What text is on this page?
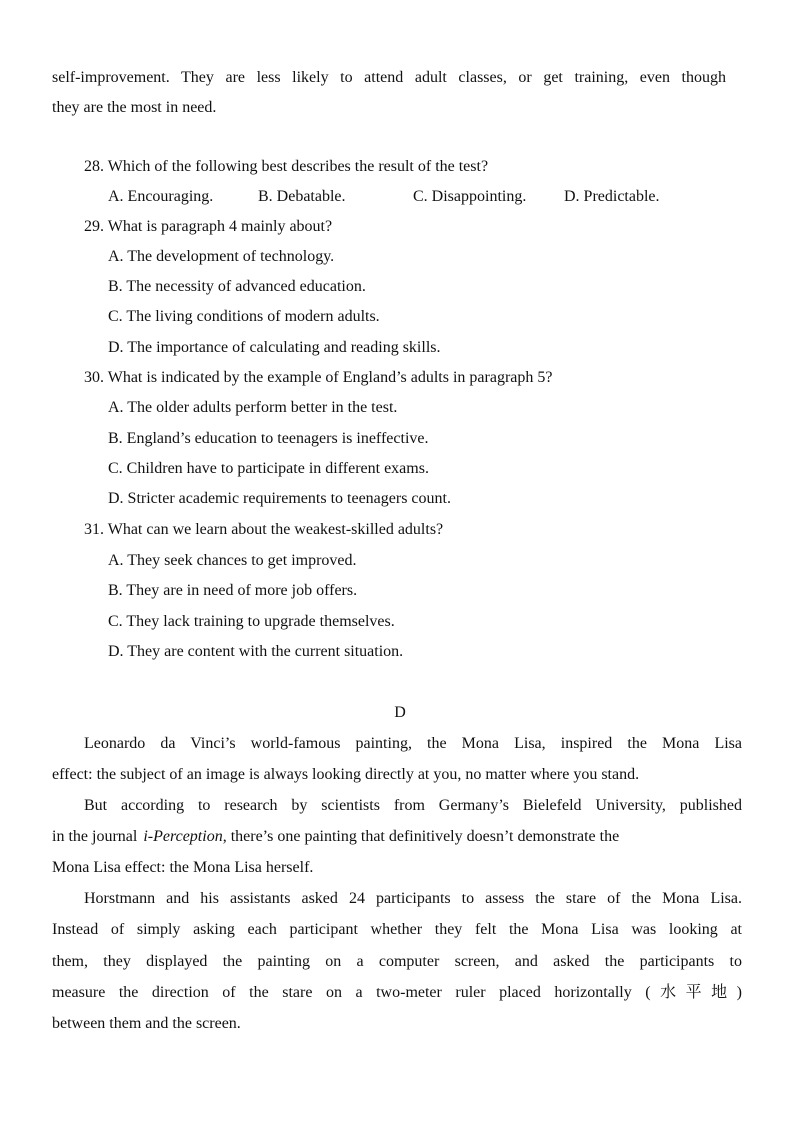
self-improvement. They are less likely to attend adult classes, or get training, even though
they are the most in need.
28. Which of the following best describes the result of the test?
A. Encouraging.	B. Debatable.	C. Disappointing. D. Predictable.
29. What is paragraph 4 mainly about?
A. The development of technology.
B. The necessity of advanced education.
C. The living conditions of modern adults.
D. The importance of calculating and reading skills.
30. What is indicated by the example of England’s adults in paragraph 5?
A. The older adults perform better in the test.
B. England’s education to teenagers is ineffective.
C. Children have to participate in different exams.
D. Stricter academic requirements to teenagers count.
31. What can we learn about the weakest-skilled adults?
A. They seek chances to get improved.
B. They are in need of more job offers.
C. They lack training to upgrade themselves.
D. They are content with the current situation.
D
Leonardo da Vinci’s world-famous painting, the Mona Lisa, inspired the Mona Lisa
effect: the subject of an image is always looking directly at you, no matter where you stand.
But according to research by scientists from Germany’s Bielefeld University, published
in the journal i-Perception, there’s one painting that definitively doesn’t demonstrate the
Mona Lisa effect: the Mona Lisa herself.
Horstmann and his assistants asked 24 participants to assess the stare of the Mona Lisa.
Instead of simply asking each participant whether they felt the Mona Lisa was looking at
them, they displayed the painting on a computer screen, and asked the participants to
measure the direction of the stare on a two-meter ruler placed horizontally (水平地)
between them and the screen.
